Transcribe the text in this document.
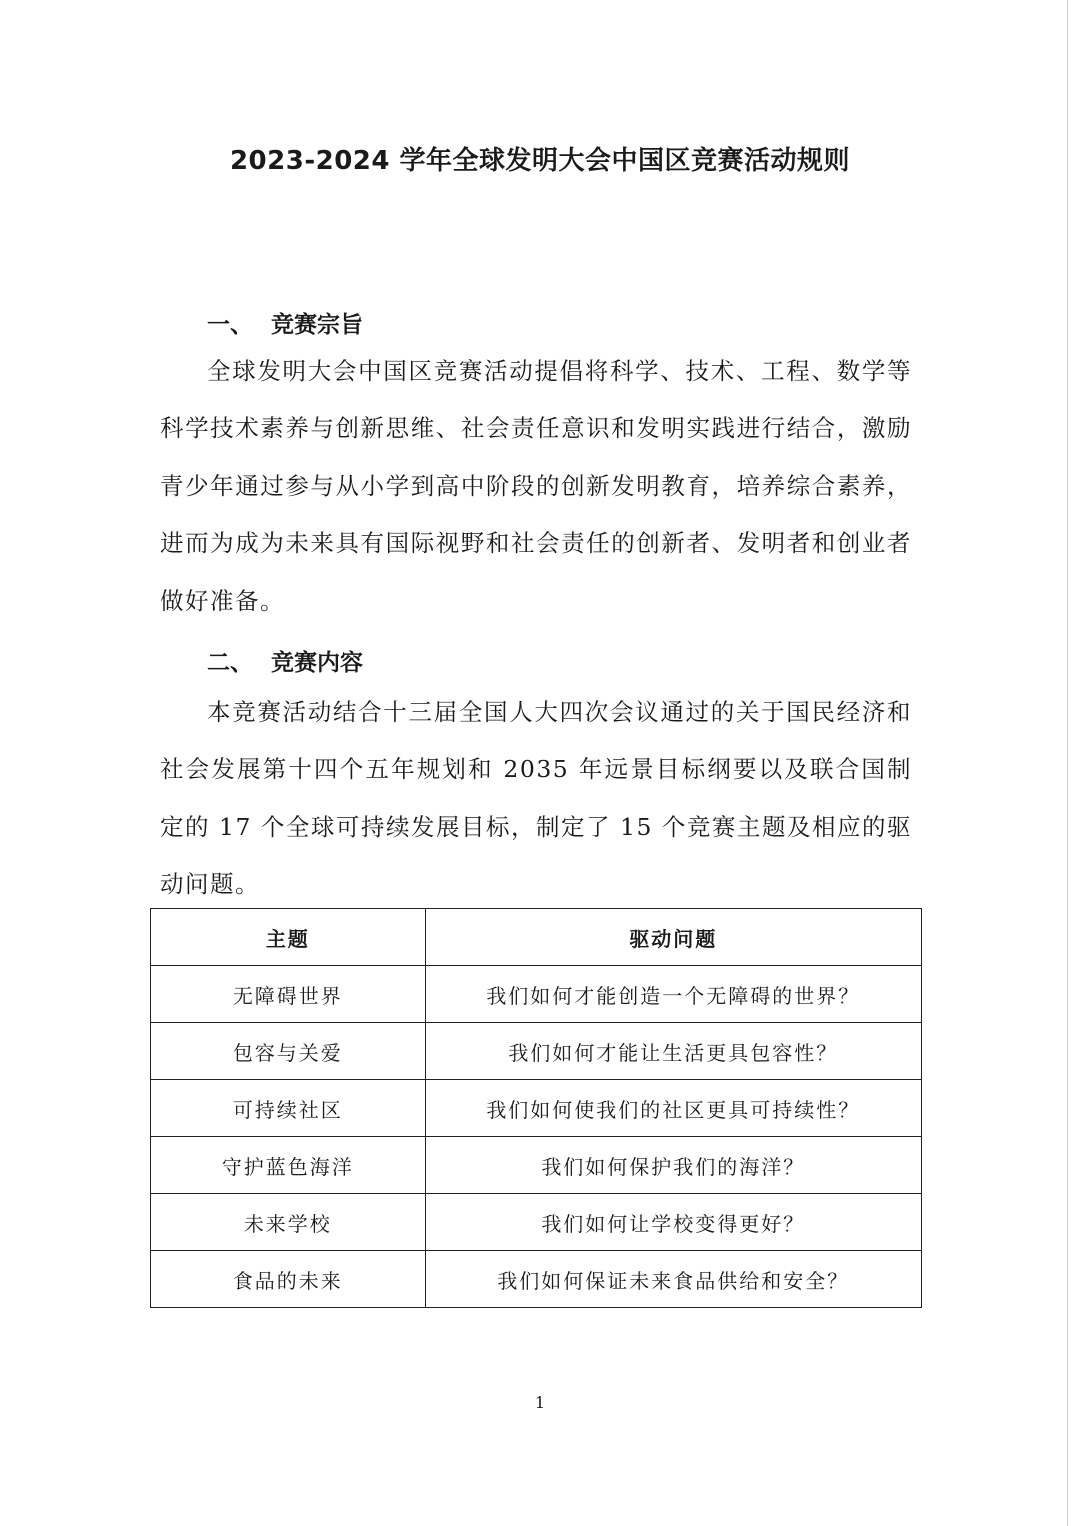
2023-2024 学年全球发明大会中国区竞赛活动规则
一、 竞赛宗旨
全球发明大会中国区竞赛活动提倡将科学、技术、工程、数学等科学技术素养与创新思维、社会责任意识和发明实践进行结合，激励青少年通过参与从小学到高中阶段的创新发明教育，培养综合素养，进而为成为未来具有国际视野和社会责任的创新者、发明者和创业者做好准备。
二、 竞赛内容
本竞赛活动结合十三届全国人大四次会议通过的关于国民经济和社会发展第十四个五年规划和 2035 年远景目标纲要以及联合国制定的 17 个全球可持续发展目标，制定了 15 个竞赛主题及相应的驱动问题。
主题	驱动问题
无障碍世界	我们如何才能创造一个无障碍的世界？
包容与关爱	我们如何才能让生活更具包容性？
可持续社区	我们如何使我们的社区更具可持续性？
守护蓝色海洋	我们如何保护我们的海洋？
未来学校	我们如何让学校变得更好？
食品的未来	我们如何保证未来食品供给和安全？
1
